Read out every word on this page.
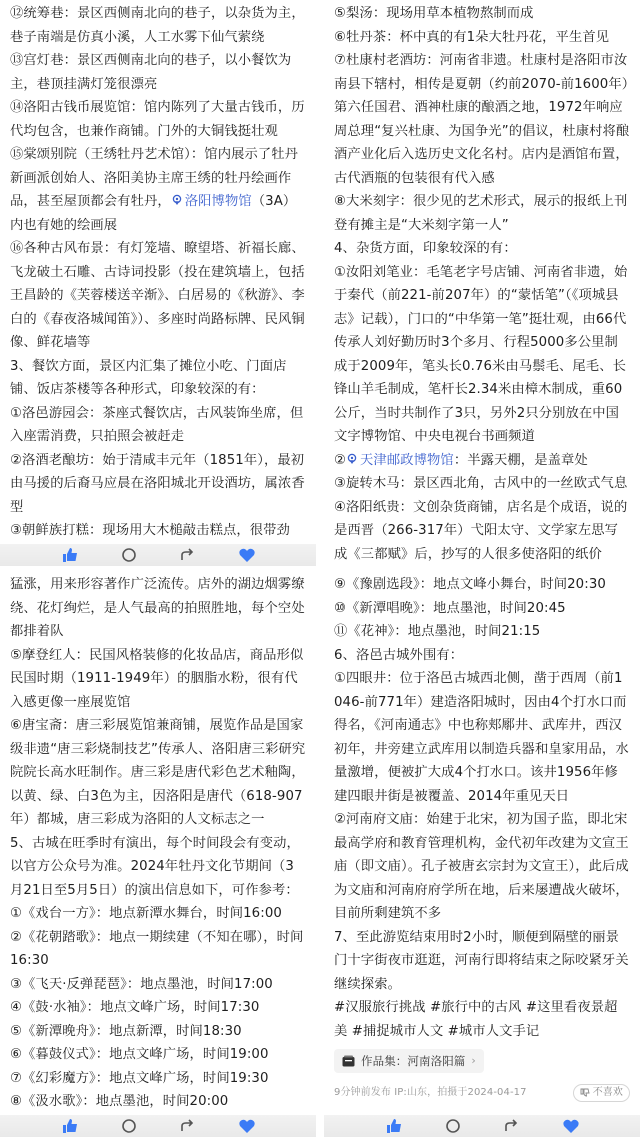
⑫统筹巷：景区西侧南北向的巷子，以杂货为主，巷子南端是仿真小溪，人工水雾下仙气萦绕

⑬宫灯巷：景区西侧南北向的巷子，以小餐饮为主，巷顶挂满灯笼很漂亮

⑭洛阳古钱币展览馆：馆内陈列了大量古钱币，历代均包含，也兼作商铺。门外的大铜钱挺壮观

⑮棠颂别院（王绣牡丹艺术馆）：馆内展示了牡丹新画派创始人、洛阳美协主席王绣的牡丹绘画作品，甚至屋顶都会有牡丹， 洛阳博物馆（3A）内也有她的绘画展

⑯各种古风布景：有灯笼墙、瞭望塔、祈福长廊、飞龙破土石雕、古诗词投影（投在建筑墙上，包括王昌龄的《芙蓉楼送辛渐》、白居易的《秋游》、李白的《春夜洛城闻笛》）、多座时尚路标牌、民风铜像、鲜花墙等

3、餐饮方面，景区内汇集了摊位小吃、门面店铺、饭店茶楼等各种形式，印象较深的有：

①洛邑游园会：茶座式餐饮店，古风装饰坐席，但入座需消费，只拍照会被赶走

②洛酒老酿坊：始于清咸丰元年（1851年），最初由马援的后裔马应晨在洛阳城北开设酒坊，属浓香型

③朝鲜族打糕：现场用大木槌敲击糕点，很带劲

⑤梨汤：现场用草本植物熬制而成

⑥牡丹茶：杯中真的有1朵大牡丹花，平生首见

⑦杜康村老酒坊：河南省非遗。杜康村是洛阳市汝南县下辖村，相传是夏朝（约前2070-前1600年）第六任国君、酒神杜康的酿酒之地，1972年响应周总理“复兴杜康、为国争光”的倡议，杜康村将酿酒产业化后入选历史文化名村。店内是酒馆布置，古代酒瓶的包装很有代入感

⑧大米刻字：很少见的艺术形式，展示的报纸上刊登有摊主是“大米刻字第一人”

4、杂货方面，印象较深的有：

①汝阳刘笔业：毛笔老字号店铺、河南省非遗，始于秦代（前221-前207年）的“蒙恬笔”（《项城县志》记载），门口的“中华第一笔”挺壮观，由66代传承人刘好勤历时3个多月、行程5000多公里制成于2009年，笔头长0.76米由马鬃毛、尾毛、长锋山羊毛制成，笔杆长2.34米由樟木制成，重60公斤，当时共制作了3只，另外2只分别放在中国文字博物馆、中央电视台书画频道

② 天津邮政博物馆：半露天棚，是盖章处

③旋转木马：景区西北角，古风中的一丝欧式气息

④洛阳纸贵：文创杂货商铺，店名是个成语，说的是西晋（266-317年）弋阳太守、文学家左思写成《三都赋》后，抄写的人很多使洛阳的纸价

猛涨，用来形容著作广泛流传。店外的湖边烟雾缭绕、花灯绚烂，是人气最高的拍照胜地，每个空处都排着队

⑤摩登红人：民国风格装修的化妆品店，商品形似民国时期（1911-1949年）的胭脂水粉，很有代入感更像一座展览馆

⑥唐宝斋：唐三彩展览馆兼商铺，展览作品是国家级非遗“唐三彩烧制技艺”传承人、洛阳唐三彩研究院院长高水旺制作。唐三彩是唐代彩色艺术釉陶，以黄、绿、白3色为主，因洛阳是唐代（618-907年）都城，唐三彩成为洛阳的人文标志之一

5、古城在旺季时有演出，每个时间段会有变动，以官方公众号为准。2024年牡丹文化节期间（3月21日至5月5日）的演出信息如下，可作参考：

①《戏台一方》：地点新潭水舞台，时间16:00

②《花朝踏歌》：地点一期续建（不知在哪），时间16:30

③《飞天·反弹琵琶》：地点墨池，时间17:00

④《鼓·水袖》：地点文峰广场，时间17:30

⑤《新潭晚舟》：地点新潭，时间18:30

⑥《暮鼓仪式》：地点文峰广场，时间19:00

⑦《幻彩魔方》：地点文峰广场，时间19:30

⑧《汲水歌》：地点墨池，时间20:00

⑨《豫剧选段》：地点文峰小舞台，时间20:30

⑩《新潭唱晚》：地点墨池，时间20:45

⑪《花神》：地点墨池，时间21:15

6、洛邑古城外围有：

①四眼井：位于洛邑古城西北侧，凿于西周（前1046-前771年）建造洛阳城时，因由4个打水口而得名，《河南通志》中也称郏鄏井、武库井，西汉初年，井旁建立武库用以制造兵器和皇家用品，水量激增，便被扩大成4个打水口。该井1956年修建四眼井街是被覆盖、2014年重见天日

②河南府文庙：始建于北宋，初为国子监，即北宋最高学府和教育管理机构，金代初年改建为文宣王庙（即文庙）。孔子被唐玄宗封为文宣王），此后成为文庙和河南府府学所在地，后来屡遭战火破坏，目前所剩建筑不多

7、至此游览结束用时2小时，顺便到隔壁的丽景门十字街夜市逛逛，河南行即将结束之际咬紧牙关继续探索。

#汉服旅行挑战 #旅行中的古风 #这里看夜景超美 #捕捉城市人文 #城市人文手记

作品集：河南洛阳篇 ›
9分钟前发布 IP:山东，拍摄于2024-04-17	不喜欢
